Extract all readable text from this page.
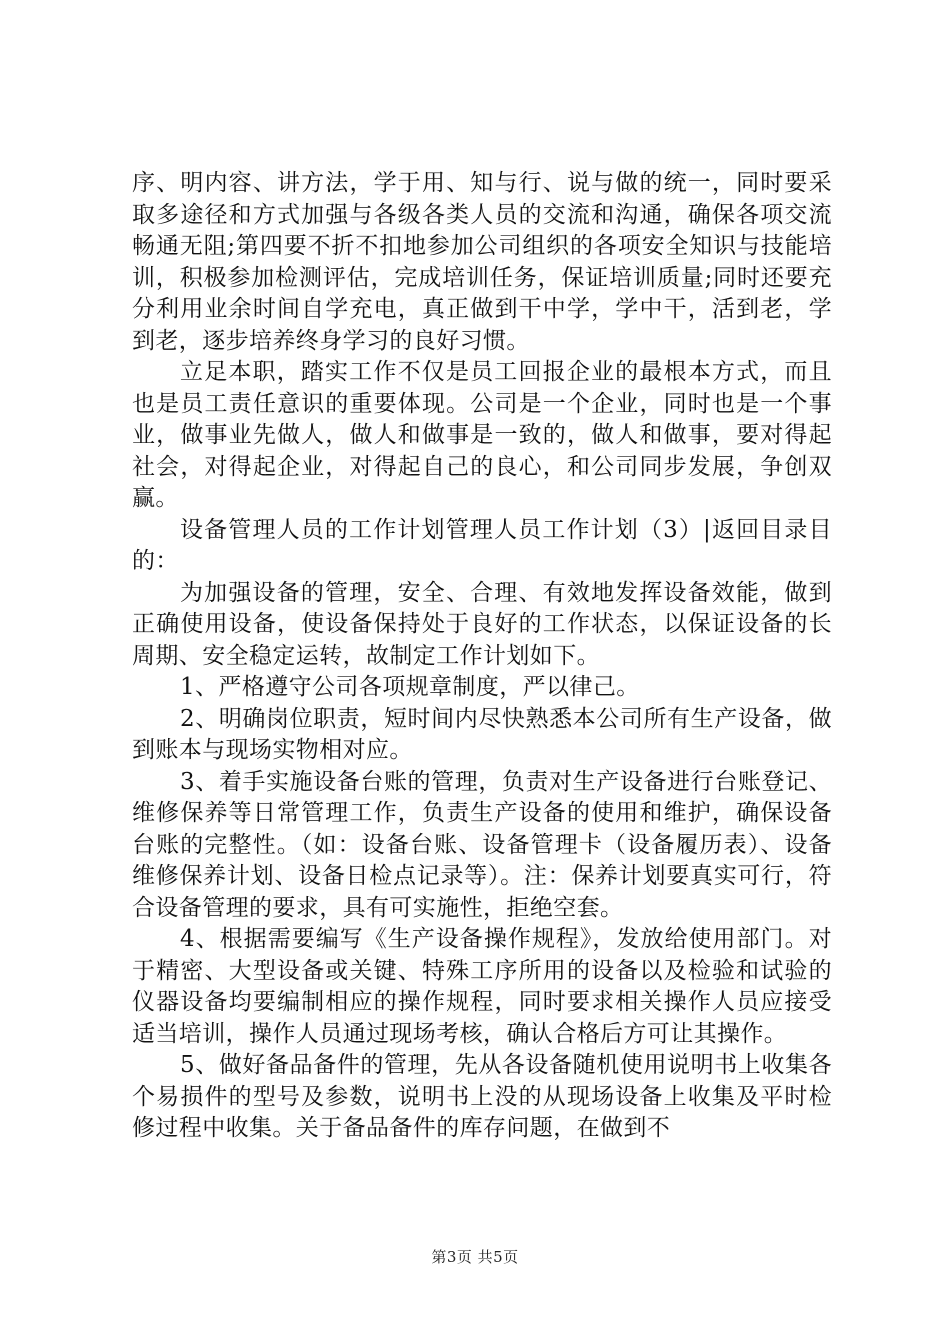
序、明内容、讲方法，学于用、知与行、说与做的统一，同时要采取多途径和方式加强与各级各类人员的交流和沟通，确保各项交流畅通无阻;第四要不折不扣地参加公司组织的各项安全知识与技能培训，积极参加检测评估，完成培训任务，保证培训质量;同时还要充分利用业余时间自学充电，真正做到干中学，学中干，活到老，学到老，逐步培养终身学习的良好习惯。

立足本职，踏实工作不仅是员工回报企业的最根本方式，而且也是员工责任意识的重要体现。公司是一个企业，同时也是一个事业，做事业先做人，做人和做事是一致的，做人和做事，要对得起社会，对得起企业，对得起自己的良心，和公司同步发展，争创双赢。

设备管理人员的工作计划管理人员工作计划（3）|返回目录目的：

为加强设备的管理，安全、合理、有效地发挥设备效能，做到正确使用设备，使设备保持处于良好的工作状态，以保证设备的长周期、安全稳定运转，故制定工作计划如下。

1、严格遵守公司各项规章制度，严以律己。

2、明确岗位职责，短时间内尽快熟悉本公司所有生产设备，做到账本与现场实物相对应。

3、着手实施设备台账的管理，负责对生产设备进行台账登记、维修保养等日常管理工作，负责生产设备的使用和维护，确保设备台账的完整性。（如：设备台账、设备管理卡（设备履历表）、设备维修保养计划、设备日检点记录等）。注：保养计划要真实可行，符合设备管理的要求，具有可实施性，拒绝空套。

4、根据需要编写《生产设备操作规程》，发放给使用部门。对于精密、大型设备或关键、特殊工序所用的设备以及检验和试验的仪器设备均要编制相应的操作规程，同时要求相关操作人员应接受适当培训，操作人员通过现场考核，确认合格后方可让其操作。

5、做好备品备件的管理，先从各设备随机使用说明书上收集各个易损件的型号及参数，说明书上没的从现场设备上收集及平时检修过程中收集。关于备品备件的库存问题，在做到不

第3页 共5页
